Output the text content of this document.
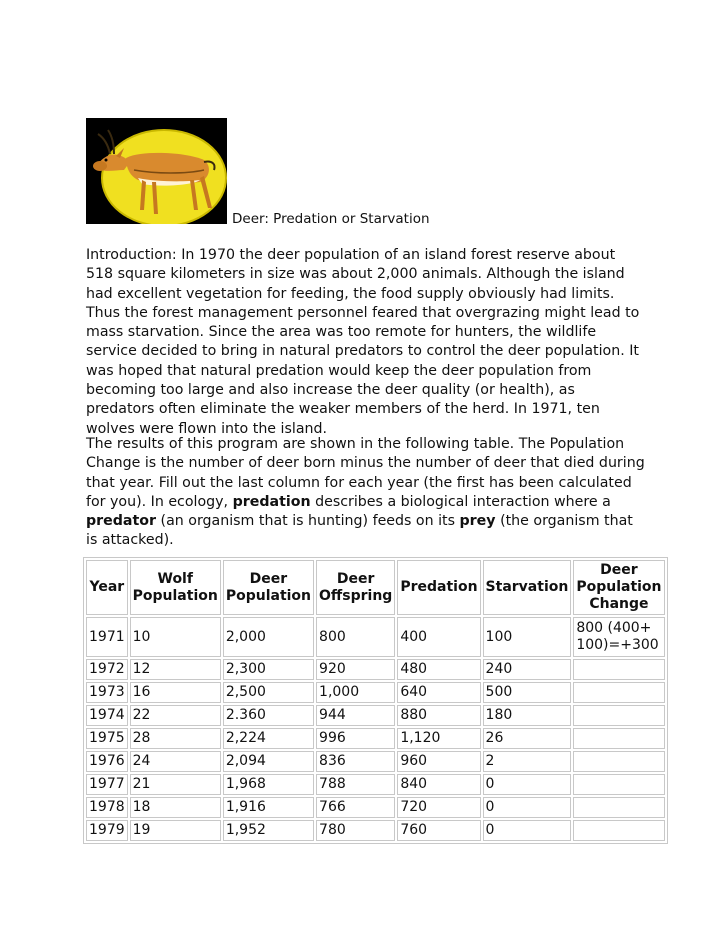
Deer: Predation or Starvation

Introduction: In 1970 the deer population of an island forest reserve about 518 square kilometers in size was about 2,000 animals. Although the island had excellent vegetation for feeding, the food supply obviously had limits. Thus the forest management personnel feared that overgrazing might lead to mass starvation. Since the area was too remote for hunters, the wildlife service decided to bring in natural predators to control the deer population. It was hoped that natural predation would keep the deer population from becoming too large and also increase the deer quality (or health), as predators often eliminate the weaker members of the herd. In 1971, ten wolves were flown into the island.

The results of this program are shown in the following table. The Population Change is the number of deer born minus the number of deer that died during that year. Fill out the last column for each year (the first has been calculated for you). In ecology, predation describes a biological interaction where a predator (an organism that is hunting) feeds on its prey (the organism that is attacked).

Year	Wolf Population	Deer Population	Deer Offspring	Predation	Starvation	Deer Population Change
1971	10	2,000	800	400	100	800 (400+ 100)=+300
1972	12	2,300	920	480	240	
1973	16	2,500	1,000	640	500	
1974	22	2.360	944	880	180	
1975	28	2,224	996	1,120	26	
1976	24	2,094	836	960	2	
1977	21	1,968	788	840	0	
1978	18	1,916	766	720	0	
1979	19	1,952	780	760	0	
